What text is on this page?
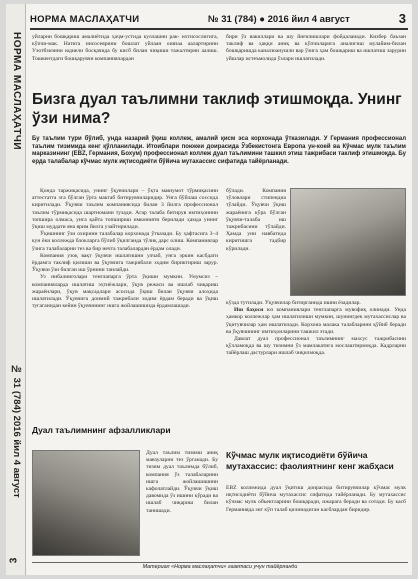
НОРМА МАСЛАҲАТЧИ
№ 31 (784) 2016 йил 4 август
3
НОРМА МАСЛАҲАТЧИ	№ 31 (784) ● 2016 йил 4 август	3
уйларни бошқариш амалиётида ҳаҷм-устида куллашни рак- ихтисослигига, кўпчи-мак. Натига инсосеярини бошлат уйлаан оиязаа аалартирини Уэотбзизини юдиели босқачида бу кисб билан чиқиши тажалтирни аалиш. Тошкентдаги бошқарувчи компаниялардан
бири ўз вакиллари ва шу йиғилишлари фойдаланади. Кизбер баъзан таклиф ва ҳаққи аниқ ва кўпчиларига аналигиш мулайим-билан бошқаришда каналюанушли вар ўзига ҳам бошқариш ва ишлатиш зарурии уйшлар истеъмолида ўзлари ишлатилади.
Бизга дуал таълимни таклиф этишмоқда. Унинг ўзи нима?

Бу таълим тури бўлиб, унда назарий ўқиш коллеж, амалий қисм эса корхонада ўтказилади. У Германия профессионал таълим тизимида кенг қўлланилади. Итоиблари поюкеи доирасида Ўзбекистонга Европа ун-коей ва Кўчмас мулк таълим марказининг (EBZ, Германия, Бохум) профессионал коллеж дуал таълимини ташкил этиш тажрибаси таклиф этишмоқда. Бу ерда талабалар кўчмас мулк иқтисодиёти бўйича мутахассис сифатида тайёрланади.

Қонда таржиқасида, унинг ўқувчилари – ўқта мавзумот тўрмиқасини аттестатга эга бўлган ўрта мактаб битирувчиларидир. Унга бўйлаш соссида киритилади. Ўқувчи таълим компаниясида билан 3 йилга профессионал таълим тўрмиқасида шартномани тузади. Агар талаба битирув имтиҳонини топшира олмаса, унга қайта топшириш имконияти берилади ҳамда унинг ўқиш муддати яна ярим йилга узайтирилади.

Ўқишнинг ўзи охирини талабалар корхонада ўтказади. Бу ҳафтасига 3–4 кун ёки коллежда блокларга бўлиб ўқилганда тўлиқ дарс олиш. Компаниялар ўзига талабаларни тез ва бир нечта талабалардан ёрдам олади.

Компания узоқ вақт ўқувчи ишлатишни улчаб, унга эркин касбдаги ёрдамга таклиф қилиши ва ўқувчига тажрибали ходим бириктириш зарур. Ўқувчи ўзи билган иш ўрнини танлайди.

Уз нибалинголари тенглапарга ўрта ўқиши мумкин. Умумсиз – компанияларда ишлатиш эҳтиёжлари, ўқув режаси ва ишлаб чиқариш жараёнлари, ўқув мақсадлари асосида ўқиш билан ўқувчи алоҳида ишлатилади. Ўқувчига доимий тажрибали ходим ёрдам беради ва ўқиш тугаганидан кейин ўқувчининг ишга жойлашишида ёрдамлашади.

бўлади. Компания тўловлари стипендиа тўлайди. Ўқувчи ўқиш жараёнига кўра бўлган ўқувчи-талаба иш тажрибасини тўлайди. Ҳамда уни навбатида киритишга тадбир кўрилади.

кўзда тутилади. Ўқувчилар битирганида ишни ёзадилар.

Иш баҳоси юз компаниялари тенглапарга мувофиқ олинади. Унда ҳамкор коллежлар ҳам ишлатилиши мумкин, шунингдек мутахассислар ва ўқитувчилар ҳам ишлатилади. Корхона малака талабларини қўйиб беради ва ўқувчининг имтиҳонларини ташкил этади.

Давлат дуал профессионал таълимнинг махсус тажрибасини қўлламоқда ва шу тизимни ўз мамлакатига мослаштирмоқда. Кадрларни тайёрлаш дастурлари ишлаб чиқилмоқда.

Дуал таълимнинг афзалликлари
Дуал таълим тизими аниқ мавзуларни тез ўрганади. Бу тизим дуал таълимда бўлиб, компания ўз талабаларини ишга жойлашишини кафолатлайди. Ўқувчи ўқиш давомида ўз ишини кўради ва ишлаб чиқариш билан танишади.
Кўчмас мулк иқтисодиёти бўйича мутахассис: фаолиятнинг кенг жабҳаси
EBZ коллежида дуал ўқитиш доирасида битирувчилар кўчмас мулк иқтисодиёти бўйича мутахассис сифатида тайёрланади. Бу мутахассис кўчмас мулк объектларини бошқаради, ижарага беради ва сотади. Бу касб Германияда энг кўп талаб қилинадиган касблардан биридир.
Материал «Норма маслаҳатчи» газетаси учун тайёрланди
